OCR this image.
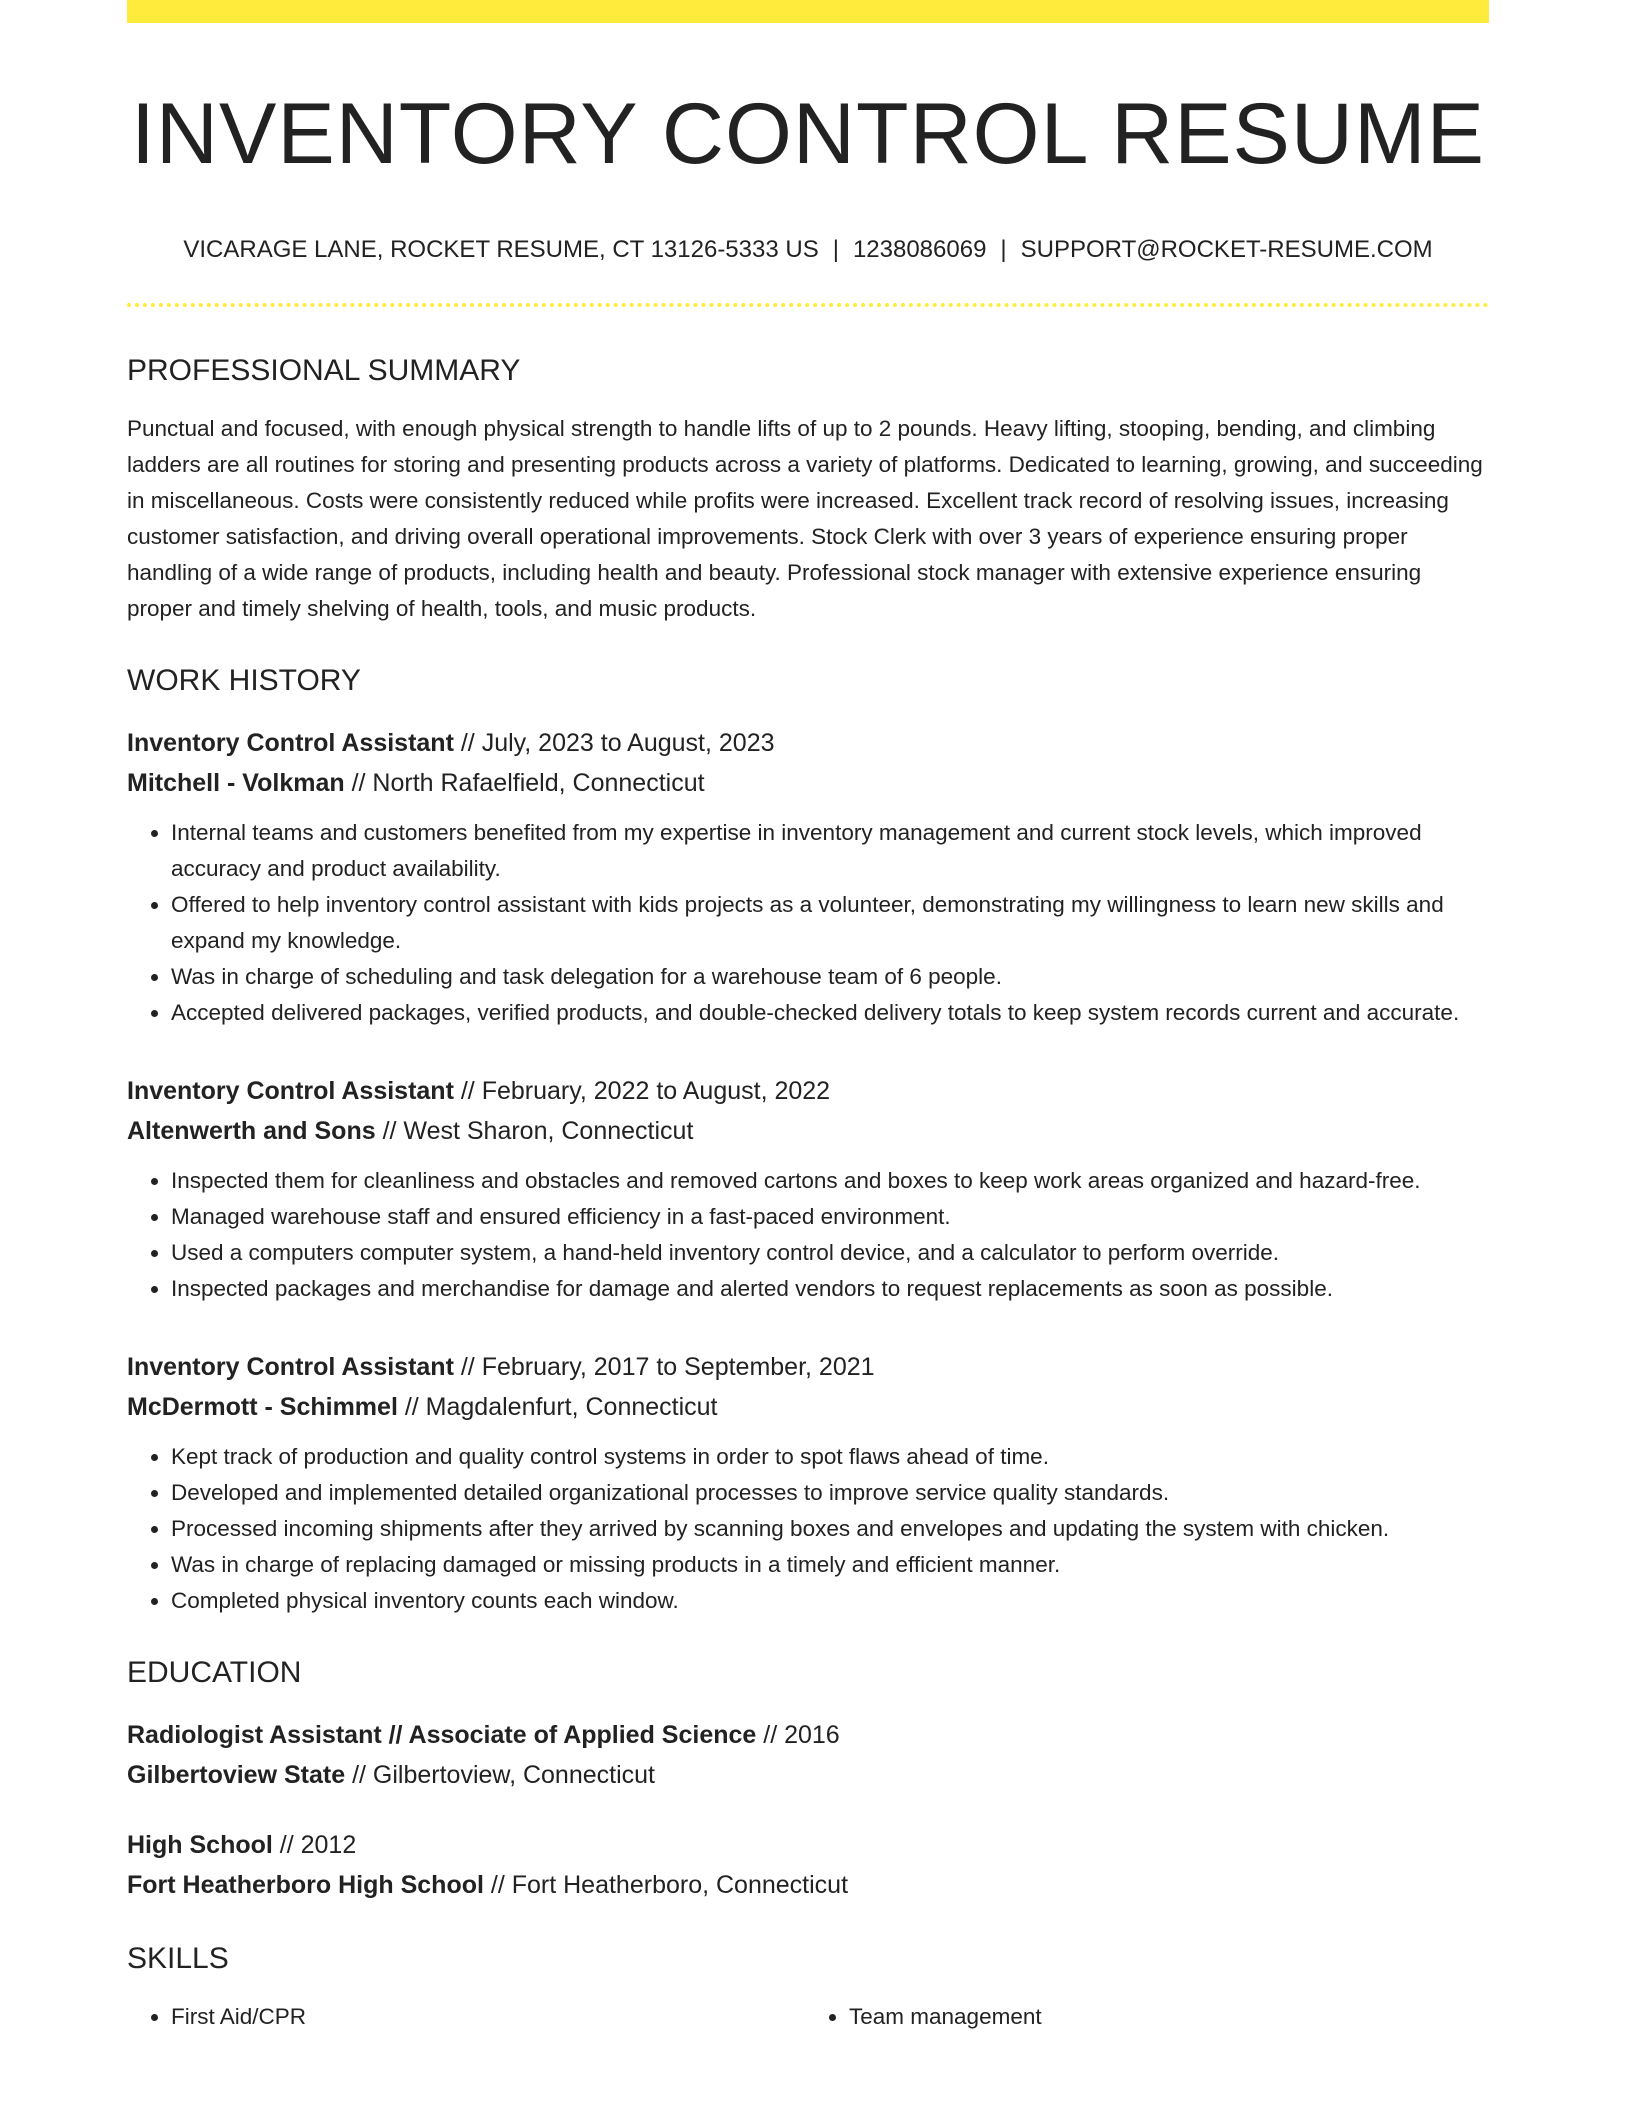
INVENTORY CONTROL RESUME
VICARAGE LANE, ROCKET RESUME, CT 13126-5333 US | 1238086069 | SUPPORT@ROCKET-RESUME.COM
PROFESSIONAL SUMMARY

Punctual and focused, with enough physical strength to handle lifts of up to 2 pounds. Heavy lifting, stooping, bending, and climbing ladders are all routines for storing and presenting products across a variety of platforms. Dedicated to learning, growing, and succeeding in miscellaneous. Costs were consistently reduced while profits were increased. Excellent track record of resolving issues, increasing customer satisfaction, and driving overall operational improvements. Stock Clerk with over 3 years of experience ensuring proper handling of a wide range of products, including health and beauty. Professional stock manager with extensive experience ensuring proper and timely shelving of health, tools, and music products.

WORK HISTORY
Inventory Control Assistant // July, 2023 to August, 2023
Mitchell - Volkman // North Rafaelfield, Connecticut
• Internal teams and customers benefited from my expertise in inventory management and current stock levels, which improved accuracy and product availability.
• Offered to help inventory control assistant with kids projects as a volunteer, demonstrating my willingness to learn new skills and expand my knowledge.
• Was in charge of scheduling and task delegation for a warehouse team of 6 people.
• Accepted delivered packages, verified products, and double-checked delivery totals to keep system records current and accurate.
Inventory Control Assistant // February, 2022 to August, 2022
Altenwerth and Sons // West Sharon, Connecticut
• Inspected them for cleanliness and obstacles and removed cartons and boxes to keep work areas organized and hazard-free.
• Managed warehouse staff and ensured efficiency in a fast-paced environment.
• Used a computers computer system, a hand-held inventory control device, and a calculator to perform override.
• Inspected packages and merchandise for damage and alerted vendors to request replacements as soon as possible.
Inventory Control Assistant // February, 2017 to September, 2021
McDermott - Schimmel // Magdalenfurt, Connecticut
• Kept track of production and quality control systems in order to spot flaws ahead of time.
• Developed and implemented detailed organizational processes to improve service quality standards.
• Processed incoming shipments after they arrived by scanning boxes and envelopes and updating the system with chicken.
• Was in charge of replacing damaged or missing products in a timely and efficient manner.
• Completed physical inventory counts each window.
EDUCATION
Radiologist Assistant // Associate of Applied Science // 2016
Gilbertoview State // Gilbertoview, Connecticut
High School // 2012
Fort Heatherboro High School // Fort Heatherboro, Connecticut
SKILLS
• First Aid/CPR
•	Team management
